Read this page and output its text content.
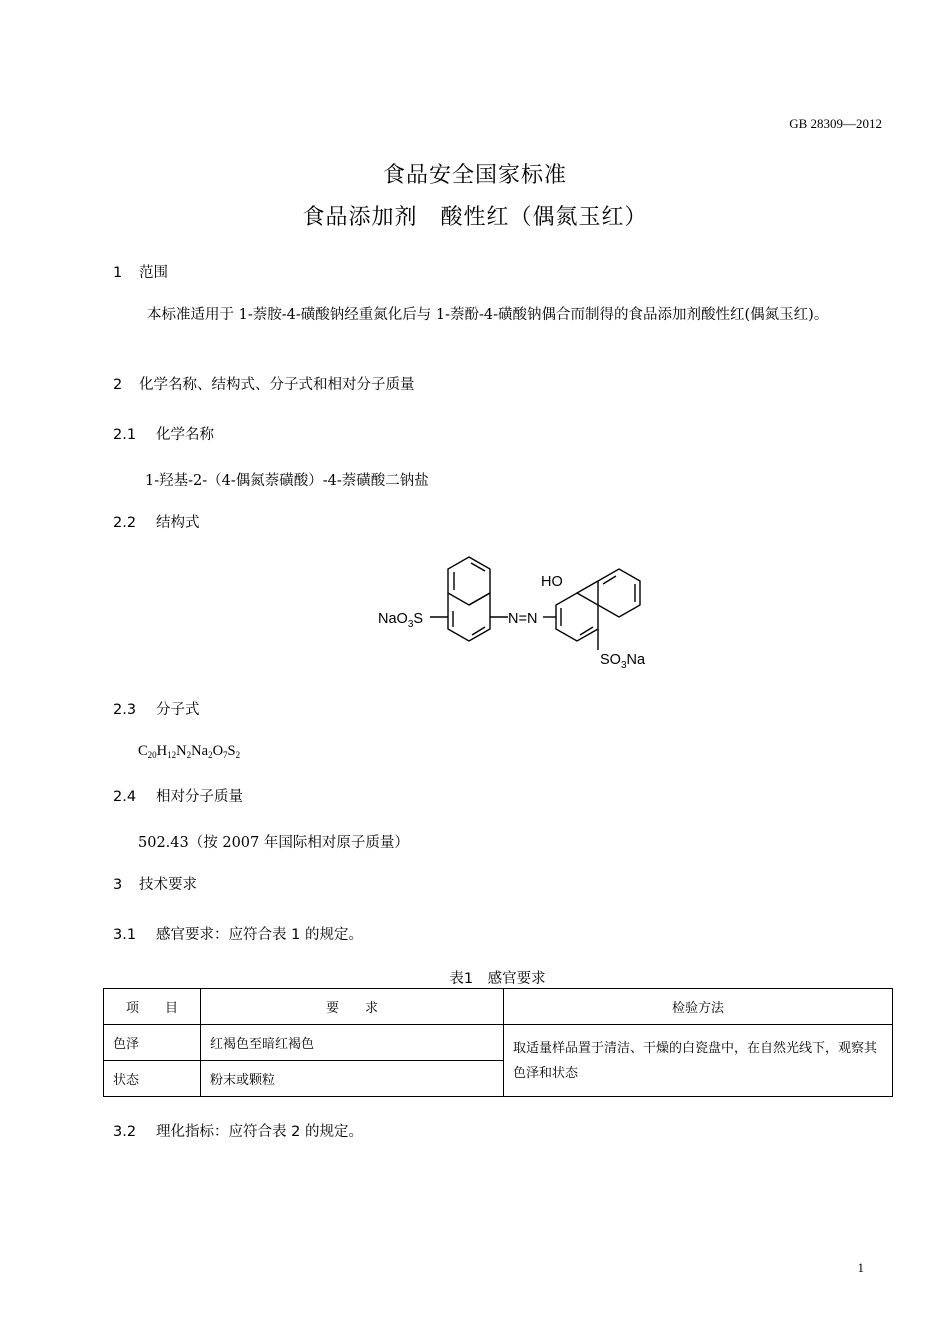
GB 28309—2012
食品安全国家标准
食品添加剂　酸性红（偶氮玉红）
1 范围
本标准适用于 1-萘胺-4-磺酸钠经重氮化后与 1-萘酚-4-磺酸钠偶合而制得的食品添加剂酸性红(偶氮玉红)。
2 化学名称、结构式、分子式和相对分子质量
2.1 化学名称
1-羟基-2-（4-偶氮萘磺酸）-4-萘磺酸二钠盐
2.2 结构式
HO
NaO$_3$S	N=N
$SO_3Na$
2.3 分子式
$C_{20}H_{12}N_2Na_2O_7S_2$
2.4 相对分子质量
502.43（按 2007 年国际相对原子质量）
3 技术要求
3.1 感官要求：应符合表 1 的规定。
表1　感官要求
项　　目	要　　求	检验方法
色泽	红褐色至暗红褐色	取适量样品置于清洁、干燥的白瓷盘中，在自然光线下，观察其色泽和状态
状态	粉末或颗粒	
3.2 理化指标：应符合表 2 的规定。
1
